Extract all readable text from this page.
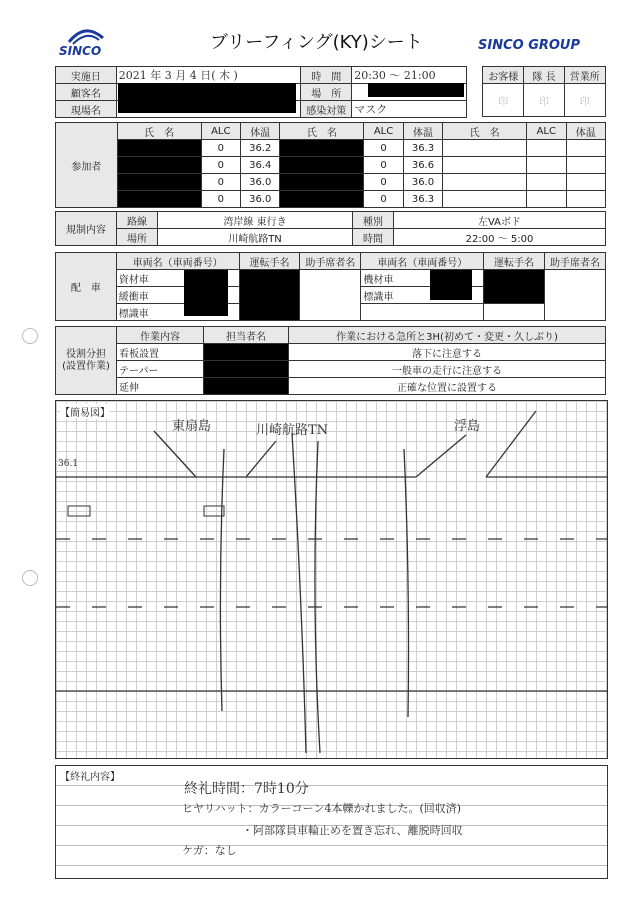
SINCO	ブリーフィング(KY)シート	SINCO GROUP
実施日	2021 年 3 月 4 日( 木 )	時　間	20:30 〜 21:00
顧客名		場　所	
現場名		感染対策	マスク
お客様	隊 長	営業所
印	印	印
参加者	氏　名	ALC	体温	氏　名	ALC	体温	氏　名	ALC	体温
		0	36.2		0	36.3			
		0	36.4		0	36.6			
		0	36.0		0	36.0			
		0	36.0		0	36.3			
規制内容	路線	湾岸線 東行き	種別	左VAボド
	場所	川崎航路TN	時間	22:00 〜 5:00
配　車	車両名（車両番号）	運転手名	助手席者名	車両名（車両番号）	運転手名	助手席者名
	資材車			機材車		
	緩衝車			標識車		
	標識車					
役割分担
(設置作業)	作業内容	担当者名	作業における急所と3H(初めて・変更・久しぶり)
	看板設置		落下に注意する
	テーパー		一般車の走行に注意する
	延伸		正確な位置に設置する
【簡易図】
東扇島	川崎航路TN	浮島
36.1
【終礼内容】
終礼時間：7時10分
ヒヤリハット：カラーコーン4本轢かれました。(回収済)
・阿部隊員車輪止めを置き忘れ、離脱時回収
ケガ：なし
